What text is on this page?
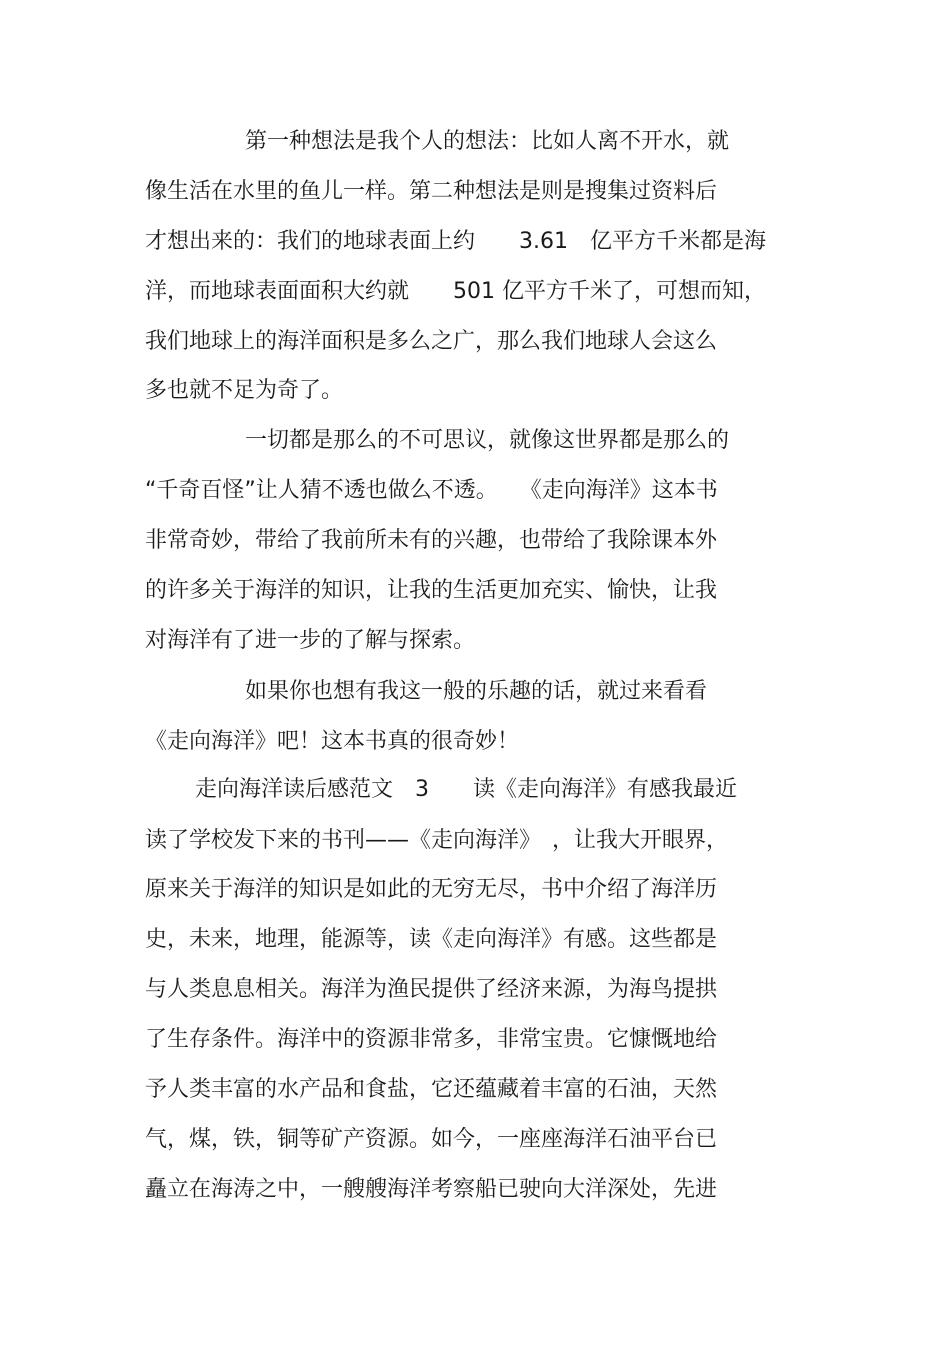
第一种想法是我个人的想法：比如人离不开水，就
像生活在水里的鱼儿一样。第二种想法是则是搜集过资料后
才想出来的：我们的地球表面上约　　3.61　亿平方千米都是海
洋，而地球表面面积大约就　　501 亿平方千米了，可想而知，
我们地球上的海洋面积是多么之广，那么我们地球人会这么
多也就不足为奇了。
一切都是那么的不可思议，就像这世界都是那么的
“千奇百怪”让人猜不透也做么不透。　　《走向海洋》这本书
非常奇妙，带给了我前所未有的兴趣，也带给了我除课本外
的许多关于海洋的知识，让我的生活更加充实、愉快，让我
对海洋有了进一步的了解与探索。
如果你也想有我这一般的乐趣的话，就过来看看
《走向海洋》吧！这本书真的很奇妙！
走向海洋读后感范文　3　　读《走向海洋》有感我最近
读了学校发下来的书刊——《走向海洋》　，让我大开眼界，
原来关于海洋的知识是如此的无穷无尽，书中介绍了海洋历
史，未来，地理，能源等，读《走向海洋》有感。这些都是
与人类息息相关。海洋为渔民提供了经济来源，为海鸟提拱
了生存条件。海洋中的资源非常多，非常宝贵。它慷慨地给
予人类丰富的水产品和食盐，它还蕴藏着丰富的石油，天然
气，煤，铁，铜等矿产资源。如今，一座座海洋石油平台已
矗立在海涛之中，一艘艘海洋考察船已驶向大洋深处，先进
